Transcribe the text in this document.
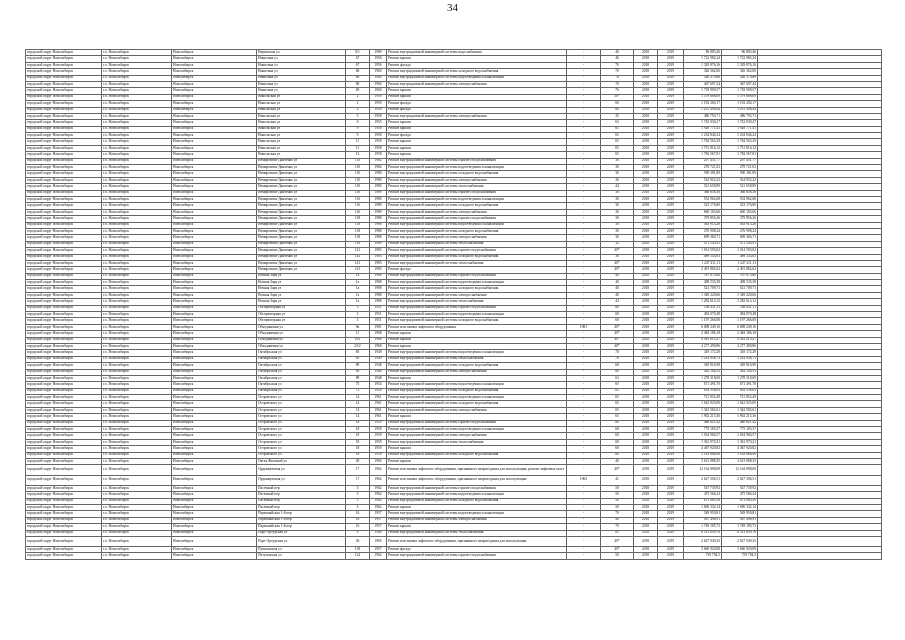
34
городской округ Новосибирск	г.о. Новосибирск	Новосибирск	Нарымская ул	8/1	1989	Ремонт внутридомовой инженерной системы водоснабжения	-	40	2018	2019	86 883,46	86 883,46	
городской округ Новосибирск	г.о. Новосибирск	Новосибирск	Никитина ул	67	1956	Ремонт крыши	-	46	2018	2019	1 722 982,24	1 722 982,24	
городской округ Новосибирск	г.о. Новосибирск	Новосибирск	Никитина ул	67	1956	Ремонт фасада	-	76	2018	2019	1 329 876,16	1 329 876,16	
городской округ Новосибирск	г.о. Новосибирск	Новосибирск	Никитина ул	68	1960	Ремонт внутридомовой инженерной системы холодного водоснабжения	-	70	2018	2019	326 362,06	326 362,06	
городской округ Новосибирск	г.о. Новосибирск	Новосибирск	Никитина ул	68	1960	Ремонт внутридомовой инженерной системы водоотведения и канализации	-	70	2018	2019	326 379,66	326 379,66	
городской округ Новосибирск	г.о. Новосибирск	Новосибирск	Никитина ул	68	1960	Ремонт внутридомовой инженерной системы электроснабжения	-	70	2018	2019	467 697,44	467 697,44	
городской округ Новосибирск	г.о. Новосибирск	Новосибирск	Никитина ул	69	1960	Ремонт крыши	-	76	2018	2019	1 718 909,57	1 718 909,57	
городской округ Новосибирск	г.о. Новосибирск	Новосибирск	Никольская ул	2	1959	Ремонт крыши	-	50*	2018	2019	1 579 608,09	1 579 608,09	
городской округ Новосибирск	г.о. Новосибирск	Новосибирск	Никольская ул	2	1959	Ремонт фасада	-	60	2018	2019	1 192 204,17	1 192 204,17	
городской округ Новосибирск	г.о. Новосибирск	Новосибирск	Никольская ул	2	1959	Ремонт фасада	-	60	2018	2019	1 251 496,44	1 251 496,44	
городской округ Новосибирск	г.о. Новосибирск	Новосибирск	Никольская ул	5	1958	Ремонт внутридомовой инженерной системы электроснабжения	-	35	2018	2019	486 793,71	486 793,71	
городской округ Новосибирск	г.о. Новосибирск	Новосибирск	Никольская ул	6	1955	Ремонт крыши	-	63	2018	2019	1 743 030,27	1 743 030,27	
городской округ Новосибирск	г.о. Новосибирск	Новосибирск	Никольская ул	9	1958	Ремонт крыши	-	61	2018	2019	1 928 771,41	1 928 771,41	
городской округ Новосибирск	г.о. Новосибирск	Новосибирск	Никольская ул	9	1958	Ремонт фасада	-	65	2018	2019	1 234 846,24	1 234 846,24	
городской округ Новосибирск	г.о. Новосибирск	Новосибирск	Никольская ул	11	1958	Ремонт крыши	-	65	2018	2019	1 764 563,29	1 764 563,29	
городской округ Новосибирск	г.о. Новосибирск	Новосибирск	Никольская ул	11	1958	Ремонт крыши	-	65	2018	2019	1 751 816,12	1 751 816,12	
городской округ Новосибирск	г.о. Новосибирск	Новосибирск	Никольская ул	13	1958	Ремонт крыши	-	65	2018	2019	1 782 567,81	1 782 567,81	
городской округ Новосибирск	г.о. Новосибирск	Новосибирск	Немировича-Данченко ул	110	1982	Ремонт внутридомовой инженерной системы горячего водоснабжения	-	30	2018	2019	297 451,77	297 451,77	
городской округ Новосибирск	г.о. Новосибирск	Новосибирск	Немировича-Данченко ул	110	1982	Ремонт внутридомовой инженерной системы водоотведения и канализации	-	30	2018	2019	278 721,02	278 721,02	
городской округ Новосибирск	г.о. Новосибирск	Новосибирск	Немировича-Данченко ул	110	1980	Ремонт внутридомовой инженерной системы холодного водоснабжения	-	30	2018	2019	590 381,89	590 381,89	
городской округ Новосибирск	г.о. Новосибирск	Новосибирск	Немировича-Данченко ул	110	1980	Ремонт внутридомовой инженерной системы электроснабжения	-	30	2018	2019	524 952,22	524 952,22	
городской округ Новосибирск	г.о. Новосибирск	Новосибирск	Немировича-Данченко ул	110	1980	Ремонт внутридомовой инженерной системы теплоснабжения	-	44	2018	2019	521 658,89	521 658,89	
городской округ Новосибирск	г.о. Новосибирск	Новосибирск	Немировича-Данченко ул	116	1989	Ремонт внутридомовой инженерной системы горячего водоснабжения	-	30	2018	2019	366 658,38	366 658,38	
городской округ Новосибирск	г.о. Новосибирск	Новосибирск	Немировича-Данченко ул	116	1989	Ремонт внутридомовой инженерной системы водоотведения и канализации	-	30	2018	2019	552 962,68	552 962,68	
городской округ Новосибирск	г.о. Новосибирск	Новосибирск	Немировича-Данченко ул	116	1989	Ремонт внутридомовой инженерной системы холодного водоснабжения	-	30	2018	2019	523 176,80	523 176,80	
городской округ Новосибирск	г.о. Новосибирск	Новосибирск	Немировича-Данченко ул	116	1989	Ремонт внутридомовой инженерной системы электроснабжения	-	30	2018	2019	660 165,66	660 165,66	
городской округ Новосибирск	г.о. Новосибирск	Новосибирск	Немировича-Данченко ул	118	1988	Ремонт внутридомовой инженерной системы горячего водоснабжения	-	30	2018	2019	379 856,26	379 856,26	
городской округ Новосибирск	г.о. Новосибирск	Новосибирск	Немировича-Данченко ул	118	1988	Ремонт внутридомовой инженерной системы водоотведения и канализации	-	30	2018	2019	363 913,26	363 913,26	
городской округ Новосибирск	г.о. Новосибирск	Новосибирск	Немировича-Данченко ул	118	1988	Ремонт внутридомовой инженерной системы холодного водоснабжения	-	30	2018	2019	276 908,24	276 908,24	
городской округ Новосибирск	г.о. Новосибирск	Новосибирск	Немировича-Данченко ул	118	1988	Ремонт внутридомовой инженерной системы электроснабжения	-	30	2018	2019	699 384,71	699 384,71	
городской округ Новосибирск	г.о. Новосибирск	Новосибирск	Немировича-Данченко ул	118	1989	Ремонт внутридомовой инженерной системы теплоснабжения	-	32	2018	2019	471 543,91	471 543,91	
городской округ Новосибирск	г.о. Новосибирск	Новосибирск	Немировича-Данченко ул	141	1983	Ремонт внутридомовой инженерной системы горячего водоснабжения	-	40*	2018	2019	1 014 593,02	1 014 593,02	
городской округ Новосибирск	г.о. Новосибирск	Новосибирск	Немировича-Данченко ул	141	1983	Ремонт внутридомовой инженерной системы холодного водоснабжения	-	30	2018	2019	489 143,63	489 143,63	
городской округ Новосибирск	г.о. Новосибирск	Новосибирск	Немировича-Данченко ул	141	1983	Ремонт внутридомовой инженерной системы теплоснабжения	-	40*	2018	2019	1 247 211,11	1 247 211,11	
городской округ Новосибирск	г.о. Новосибирск	Новосибирск	Немировича-Данченко ул	141	1983	Ремонт фасада	-	40*	2018	2019	2 491 882,62	2 491 882,62	
городской округ Новосибирск	г.о. Новосибирск	Новосибирск	Ночная Заря ул	1а	1988	Ремонт внутридомовой инженерной системы горячего водоснабжения	-	40	2018	2019	787 673,80	787 673,80	
городской округ Новосибирск	г.о. Новосибирск	Новосибирск	Ночная Заря ул	1а	1988	Ремонт внутридомовой инженерной системы водоотведения и канализации	-	40	2018	2019	498 535,38	498 535,38	
городской округ Новосибирск	г.о. Новосибирск	Новосибирск	Ночная Заря ул	1а	1988	Ремонт внутридомовой инженерной системы холодного водоснабжения	-	40	2018	2019	521 709,71	521 709,71	
городской округ Новосибирск	г.о. Новосибирск	Новосибирск	Ночная Заря ул	1а	1988	Ремонт внутридомовой инженерной системы электроснабжения	-	40	2018	2019	1 349 220,66	1 349 220,66	
городской округ Новосибирск	г.о. Новосибирск	Новосибирск	Ночная Заря ул	1а	1988	Ремонт внутридомовой инженерной системы теплоснабжения	-	44	2018	2019	1 282 614,12	1 282 614,12	
городской округ Новосибирск	г.о. Новосибирск	Новосибирск	Обсерваторная ул	3	1951	Ремонт внутридомовой инженерной системы горячего водоснабжения	-	60	2018	2019	538 431,11	538 431,11	
городской округ Новосибирск	г.о. Новосибирск	Новосибирск	Обсерваторная ул	3	1951	Ремонт внутридомовой инженерной системы водоотведения и канализации	-	60	2018	2019	494 070,48	494 070,48	
городской округ Новосибирск	г.о. Новосибирск	Новосибирск	Обсерваторная ул	3	1951	Ремонт внутридомовой инженерной системы холодного водоснабжения	-	60	2018	2019	1 197 266,08	1 197 266,08	
городской округ Новосибирск	г.о. Новосибирск	Новосибирск	Объединения ул	9в	1981	Ремонт или замена лифтового оборудования	1981	40*	2018	2019	6 008 249,16	6 008 249,16	
городской округ Новосибирск	г.о. Новосибирск	Новосибирск	Объединения ул	11	1968	Ремонт крыши	-	40*	2018	2019	2 484 186,18	2 484 186,18	
городской округ Новосибирск	г.о. Новосибирск	Новосибирск	Объединения ул	19/1	1968	Ремонт крыши	-	40*	2018	2019	4 561 015,27	4 561 015,27	
городской округ Новосибирск	г.о. Новосибирск	Новосибирск	Объединения ул	23/2	1968	Ремонт крыши	-	40*	2018	2019	4 277 490,86	4 277 490,86	
городской округ Новосибирск	г.о. Новосибирск	Новосибирск	Октябрьская ул	85	1949	Ремонт внутридомовой инженерной системы водоотведения и канализации	-	70	2018	2019	418 172,28	418 172,28	
городской округ Новосибирск	г.о. Новосибирск	Новосибирск	Октябрьская ул	85	1949	Ремонт внутридомовой инженерной системы теплоснабжения	-	70	2018	2019	1 214 956,73	1 214 956,73	
городской округ Новосибирск	г.о. Новосибирск	Новосибирск	Октябрьская ул	89	1948	Ремонт внутридомовой инженерной системы холодного водоснабжения	-	60	2018	2019	349 816,98	349 816,98	
городской округ Новосибирск	г.о. Новосибирск	Новосибирск	Октябрьская ул	89	1948	Ремонт внутридомовой инженерной системы электроснабжения	-	60	2018	2019	382 104,53	382 104,53	
городской округ Новосибирск	г.о. Новосибирск	Новосибирск	Октябрьская ул	89	1948	Ремонт крыши	-	63	2018	2019	1 278 318,69	1 278 318,69	
городской округ Новосибирск	г.о. Новосибирск	Новосибирск	Октябрьская ул	75	1954	Ремонт внутридомовой инженерной системы водоотведения и канализации	-	65	2018	2019	671 491,70	671 491,70	
городской округ Новосибирск	г.о. Новосибирск	Новосибирск	Октябрьская ул	75	1954	Ремонт внутридомовой инженерной системы холодного водоснабжения	-	65	2018	2019	834 558,63	834 558,63	
городской округ Новосибирск	г.о. Новосибирск	Новосибирск	Островского ул	14	1961	Ремонт внутридомовой инженерной системы водоотведения и канализации	-	65	2018	2019	721 852,49	721 852,49	
городской округ Новосибирск	г.о. Новосибирск	Новосибирск	Островского ул	14	1961	Ремонт внутридомовой инженерной системы холодного водоснабжения	-	65	2018	2019	1 022 925,09	1 022 925,09	
городской округ Новосибирск	г.о. Новосибирск	Новосибирск	Островского ул	14	1961	Ремонт внутридомовой инженерной системы электроснабжения	-	65	2018	2019	1 342 582,61	1 342 582,61	
городской округ Новосибирск	г.о. Новосибирск	Новосибирск	Островского ул	14	1961	Ремонт крыши	-	65	2018	2019	1 902 215,36	1 902 215,36	
городской округ Новосибирск	г.о. Новосибирск	Новосибирск	Островского ул	18	1959	Ремонт внутридомовой инженерной системы горячего водоснабжения	-	60	2018	2019	480 621,42	480 621,42	
городской округ Новосибирск	г.о. Новосибирск	Новосибирск	Островского ул	18	1959	Ремонт внутридомовой инженерной системы водоотведения и канализации	-	60	2018	2019	775 183,57	775 183,57	
городской округ Новосибирск	г.о. Новосибирск	Новосибирск	Островского ул	18	1959	Ремонт внутридомовой инженерной системы электроснабжения	-	60	2018	2019	1 034 984,57	1 034 984,57	
городской округ Новосибирск	г.о. Новосибирск	Новосибирск	Островского ул	18	1959	Ремонт внутридомовой инженерной системы теплоснабжения	-	60	2018	2019	1 361 970,21	1 361 970,21	
городской округ Новосибирск	г.о. Новосибирск	Новосибирск	Островского ул	18	1959	Ремонт крыши	-	60	2018	2019	4 467 920,82	4 467 920,82	
городской округ Новосибирск	г.о. Новосибирск	Новосибирск	Островского ул	18	1959	Ремонт внутридомовой инженерной системы холодного водоснабжения	-	60	2018	2019	1 163 666,96	1 163 666,96	
городской округ Новосибирск	г.о. Новосибирск	Новосибирск	Овсея Жилиной ул	30	1960	Ремонт крыши	-	40	2018	2019	3 613 088,35	3 613 088,35	
городской округ Новосибирск	г.о. Новосибирск	Новосибирск	Ордынцевская ул	17	1962	Ремонт или замена лифтового оборудования, признанного непригодным для эксплуатации, ремонт лифтовых шахт	-	40*	2018	2019	12 164 898,08	12 164 898,08	
городской округ Новосибирск	г.о. Новосибирск	Новосибирск	Ордынцевская ул	17	1962	Ремонт или замена лифтового оборудования, признанного непригодным для эксплуатации	1963	41	2018	2019	2 627 506,51	2 627 506,51	
городской округ Новосибирск	г.о. Новосибирск	Новосибирск	Пасечный пер	3	1962	Ремонт внутридомовой инженерной системы горячего водоснабжения	-	50	2018	2019	547 739,92	547 739,92	
городской округ Новосибирск	г.о. Новосибирск	Новосибирск	Пасечный пер	3	1962	Ремонт внутридомовой инженерной системы водоотведения и канализации	-	50	2018	2019	475 566,24	475 566,24	
городской округ Новосибирск	г.о. Новосибирск	Новосибирск	Пасечный пер	3	1962	Ремонт внутридомовой инженерной системы холодного водоснабжения	-	50	2018	2019	673 065,50	673 065,50	
городской округ Новосибирск	г.о. Новосибирск	Новосибирск	Пасечный пер	3	1962	Ремонт крыши	-	50	2018	2019	1 696 332,14	1 696 332,14	
городской округ Новосибирск	г.о. Новосибирск	Новосибирск	Первомайская 1-й пер	16	1957	Ремонт внутридомовой инженерной системы водоотведения и канализации	-	70	2018	2019	549 950,81	549 950,81	
городской округ Новосибирск	г.о. Новосибирск	Новосибирск	Первомайская 1-й пер	16	1957	Ремонт внутридомовой инженерной системы электроснабжения	-	40	2018	2019	567 498,91	567 498,91	
городской округ Новосибирск	г.о. Новосибирск	Новосибирск	Первомайская 1-й пер	16	1957	Ремонт крыши	-	70	2018	2019	1 749 185,73	1 749 185,73	
городской округ Новосибирск	г.о. Новосибирск	Новосибирск	Порт-Артурская ул	9	1948	Ремонт внутридомовой инженерной системы теплоснабжения	-	65	2018	2019	6 513 659,76	6 513 659,76	
городской округ Новосибирск	г.о. Новосибирск	Новосибирск	Порт-Артурская ул	36	1965	Ремонт или замена лифтового оборудования, признанного непригодным для эксплуатации	-	40*	2018	2019	2 627 949,33	2 627 949,33	
городской округ Новосибирск	г.о. Новосибирск	Новосибирск	Пушкинская ул	118	1957	Ремонт фасада	-	40*	2018	2019	3 660 920,08	3 660 920,08	
городской округ Новосибирск	г.о. Новосибирск	Новосибирск	Петуховская ул	122	1962	Ремонт внутридомовой инженерной системы горячего водоснабжения	-	50	2018	2019	759 794,5	759 794,5	
